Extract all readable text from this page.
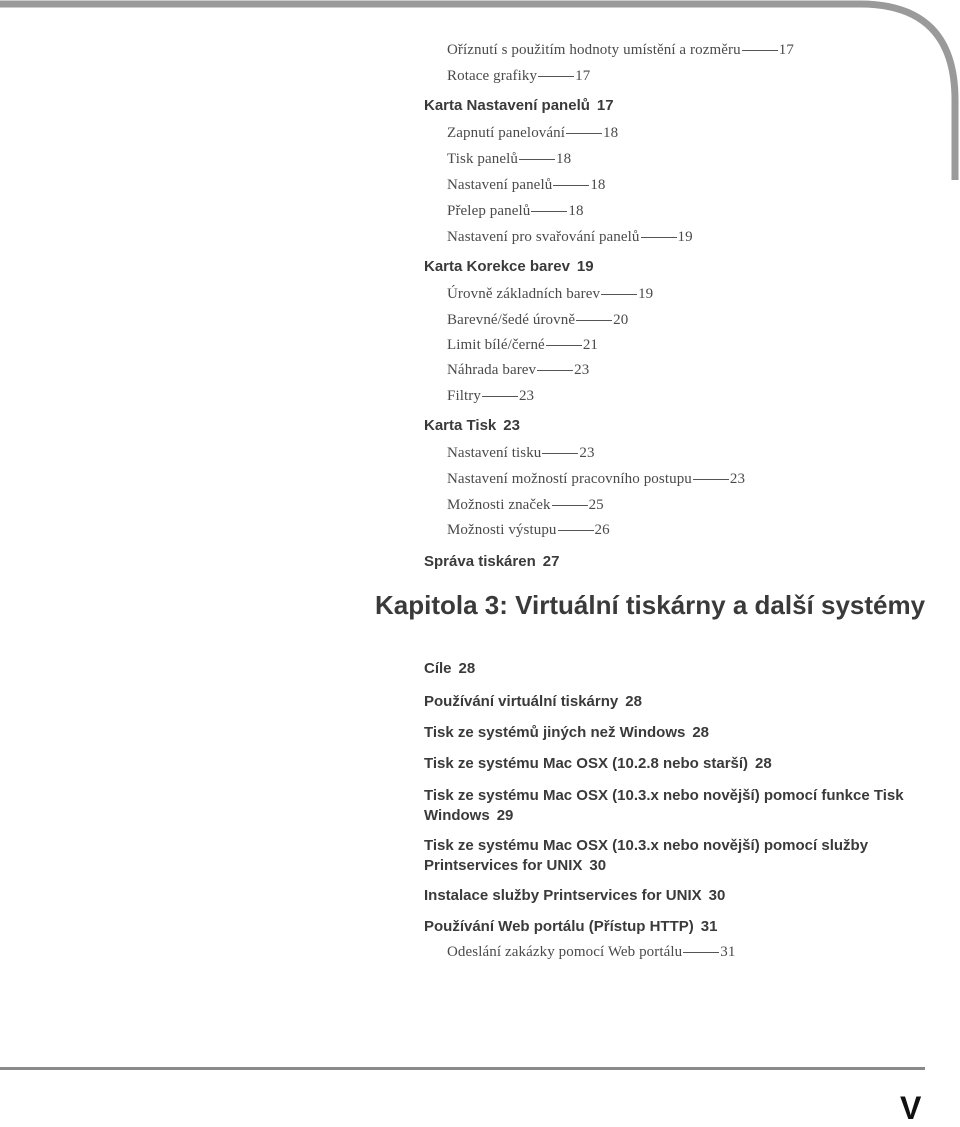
Oříznutí s použitím hodnoty umístění a rozměru	17
Rotace grafiky	17
Karta Nastavení panelů 17
Zapnutí panelování	18
Tisk panelů	18
Nastavení panelů	18
Přelep panelů	18
Nastavení pro svařování panelů	19
Karta Korekce barev 19
Úrovně základních barev	19
Barevné/šedé úrovně	20
Limit bílé/černé	21
Náhrada barev	23
Filtry	23
Karta Tisk 23
Nastavení tisku	23
Nastavení možností pracovního postupu	23
Možnosti značek	25
Možnosti výstupu	26
Správa tiskáren 27
Cíle 28
Používání virtuální tiskárny 28
Tisk ze systémů jiných než Windows 28
Tisk ze systému Mac OSX (10.2.8 nebo starší) 28
Tisk ze systému Mac OSX (10.3.x nebo novější) pomocí funkce Tisk Windows 29
Tisk ze systému Mac OSX (10.3.x nebo novější) pomocí služby Printservices for UNIX 30
Instalace služby Printservices for UNIX 30
Používání Web portálu (Přístup HTTP) 31
Odeslání zakázky pomocí Web portálu	31
Kapitola 3: Virtuální tiskárny a další systémy
V
